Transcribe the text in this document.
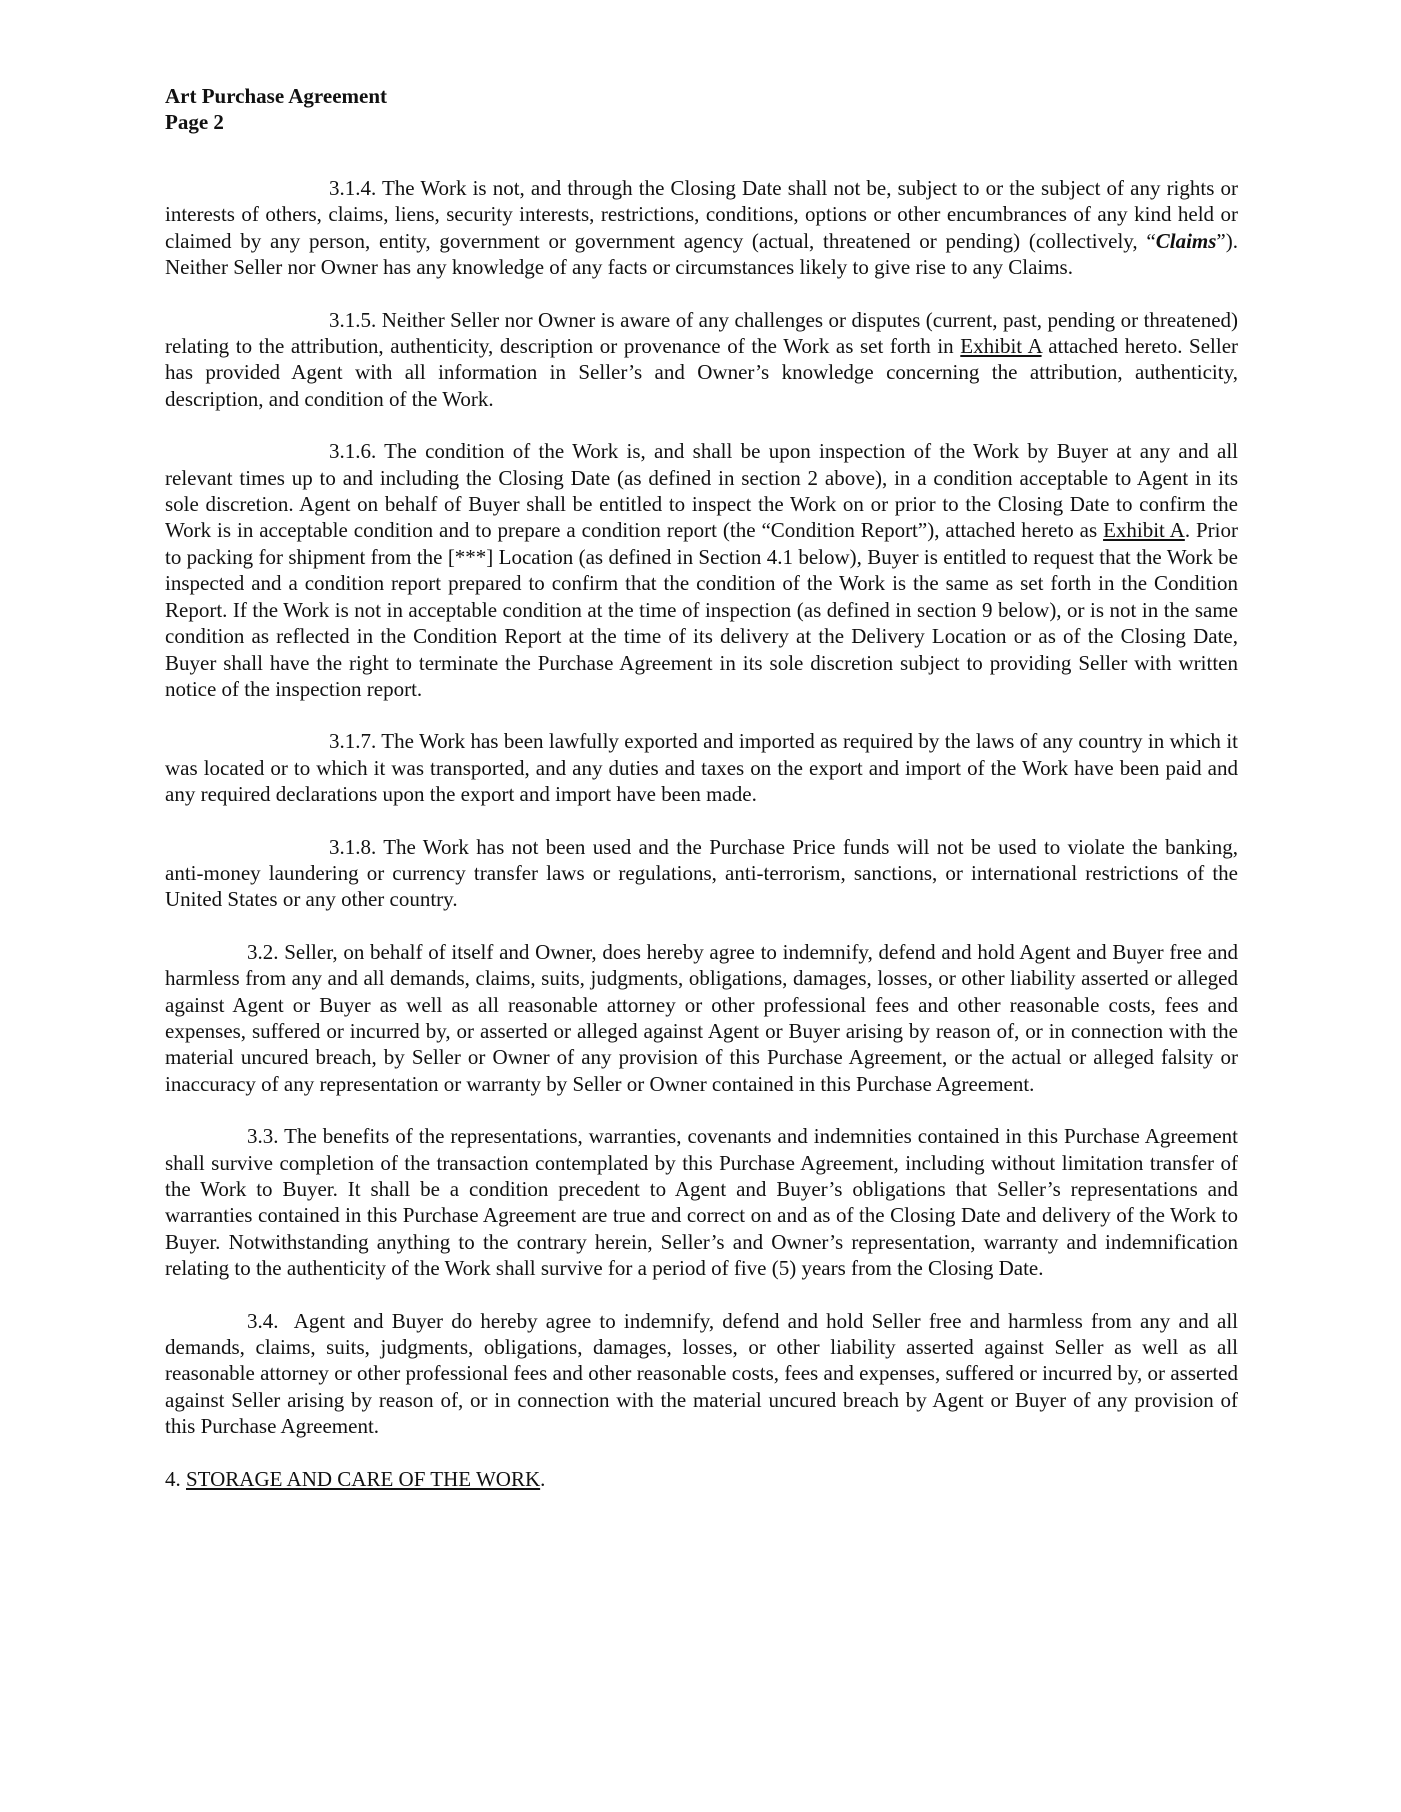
Art Purchase Agreement
Page 2

3.1.4. The Work is not, and through the Closing Date shall not be, subject to or the subject of any rights or interests of others, claims, liens, security interests, restrictions, conditions, options or other encumbrances of any kind held or claimed by any person, entity, government or government agency (actual, threatened or pending) (collectively, “Claims”). Neither Seller nor Owner has any knowledge of any facts or circumstances likely to give rise to any Claims.

3.1.5. Neither Seller nor Owner is aware of any challenges or disputes (current, past, pending or threatened) relating to the attribution, authenticity, description or provenance of the Work as set forth in Exhibit A attached hereto. Seller has provided Agent with all information in Seller’s and Owner’s knowledge concerning the attribution, authenticity, description, and condition of the Work.

3.1.6. The condition of the Work is, and shall be upon inspection of the Work by Buyer at any and all relevant times up to and including the Closing Date (as defined in section 2 above), in a condition acceptable to Agent in its sole discretion. Agent on behalf of Buyer shall be entitled to inspect the Work on or prior to the Closing Date to confirm the Work is in acceptable condition and to prepare a condition report (the “Condition Report”), attached hereto as Exhibit A. Prior to packing for shipment from the [***] Location (as defined in Section 4.1 below), Buyer is entitled to request that the Work be inspected and a condition report prepared to confirm that the condition of the Work is the same as set forth in the Condition Report. If the Work is not in acceptable condition at the time of inspection (as defined in section 9 below), or is not in the same condition as reflected in the Condition Report at the time of its delivery at the Delivery Location or as of the Closing Date, Buyer shall have the right to terminate the Purchase Agreement in its sole discretion subject to providing Seller with written notice of the inspection report.

3.1.7. The Work has been lawfully exported and imported as required by the laws of any country in which it was located or to which it was transported, and any duties and taxes on the export and import of the Work have been paid and any required declarations upon the export and import have been made.

3.1.8. The Work has not been used and the Purchase Price funds will not be used to violate the banking, anti-money laundering or currency transfer laws or regulations, anti-terrorism, sanctions, or international restrictions of the United States or any other country.

3.2. Seller, on behalf of itself and Owner, does hereby agree to indemnify, defend and hold Agent and Buyer free and harmless from any and all demands, claims, suits, judgments, obligations, damages, losses, or other liability asserted or alleged against Agent or Buyer as well as all reasonable attorney or other professional fees and other reasonable costs, fees and expenses, suffered or incurred by, or asserted or alleged against Agent or Buyer arising by reason of, or in connection with the material uncured breach, by Seller or Owner of any provision of this Purchase Agreement, or the actual or alleged falsity or inaccuracy of any representation or warranty by Seller or Owner contained in this Purchase Agreement.

3.3. The benefits of the representations, warranties, covenants and indemnities contained in this Purchase Agreement shall survive completion of the transaction contemplated by this Purchase Agreement, including without limitation transfer of the Work to Buyer. It shall be a condition precedent to Agent and Buyer’s obligations that Seller’s representations and warranties contained in this Purchase Agreement are true and correct on and as of the Closing Date and delivery of the Work to Buyer. Notwithstanding anything to the contrary herein, Seller’s and Owner’s representation, warranty and indemnification relating to the authenticity of the Work shall survive for a period of five (5) years from the Closing Date.

3.4. Agent and Buyer do hereby agree to indemnify, defend and hold Seller free and harmless from any and all demands, claims, suits, judgments, obligations, damages, losses, or other liability asserted against Seller as well as all reasonable attorney or other professional fees and other reasonable costs, fees and expenses, suffered or incurred by, or asserted against Seller arising by reason of, or in connection with the material uncured breach by Agent or Buyer of any provision of this Purchase Agreement.

4. STORAGE AND CARE OF THE WORK.
